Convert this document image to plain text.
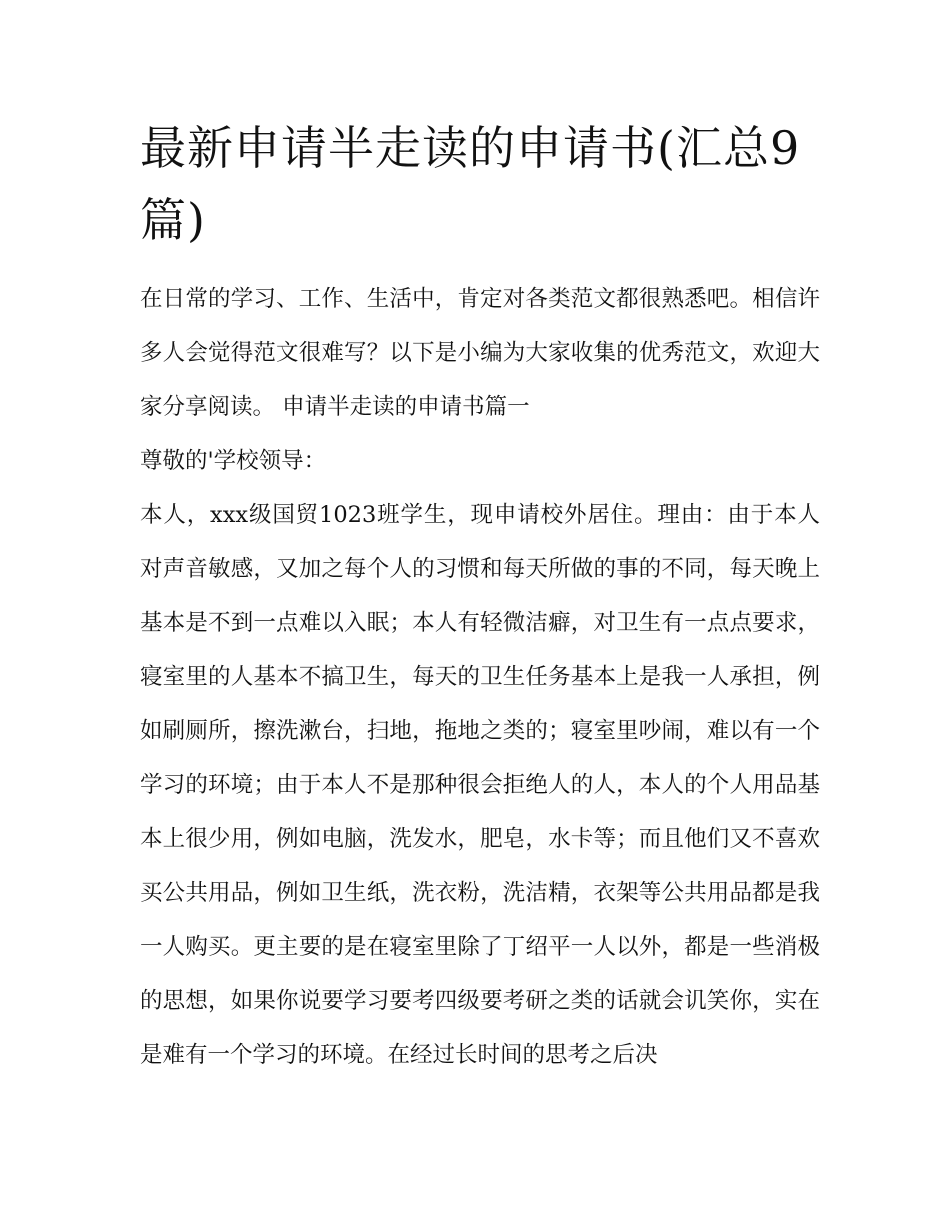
最新申请半走读的申请书(汇总9篇)

在日常的学习、工作、生活中，肯定对各类范文都很熟悉吧。相信许多人会觉得范文很难写？以下是小编为大家收集的优秀范文，欢迎大家分享阅读。 申请半走读的申请书篇一

尊敬的'学校领导：

本人，xxx级国贸1023班学生，现申请校外居住。理由：由于本人对声音敏感，又加之每个人的习惯和每天所做的事的不同，每天晚上基本是不到一点难以入眠；本人有轻微洁癖，对卫生有一点点要求，寝室里的人基本不搞卫生，每天的卫生任务基本上是我一人承担，例如刷厕所，擦洗漱台，扫地，拖地之类的；寝室里吵闹，难以有一个学习的环境；由于本人不是那种很会拒绝人的人，本人的个人用品基本上很少用，例如电脑，洗发水，肥皂，水卡等；而且他们又不喜欢买公共用品，例如卫生纸，洗衣粉，洗洁精，衣架等公共用品都是我一人购买。更主要的是在寝室里除了丁绍平一人以外，都是一些消极的思想，如果你说要学习要考四级要考研之类的话就会讥笑你，实在是难有一个学习的环境。在经过长时间的思考之后决
